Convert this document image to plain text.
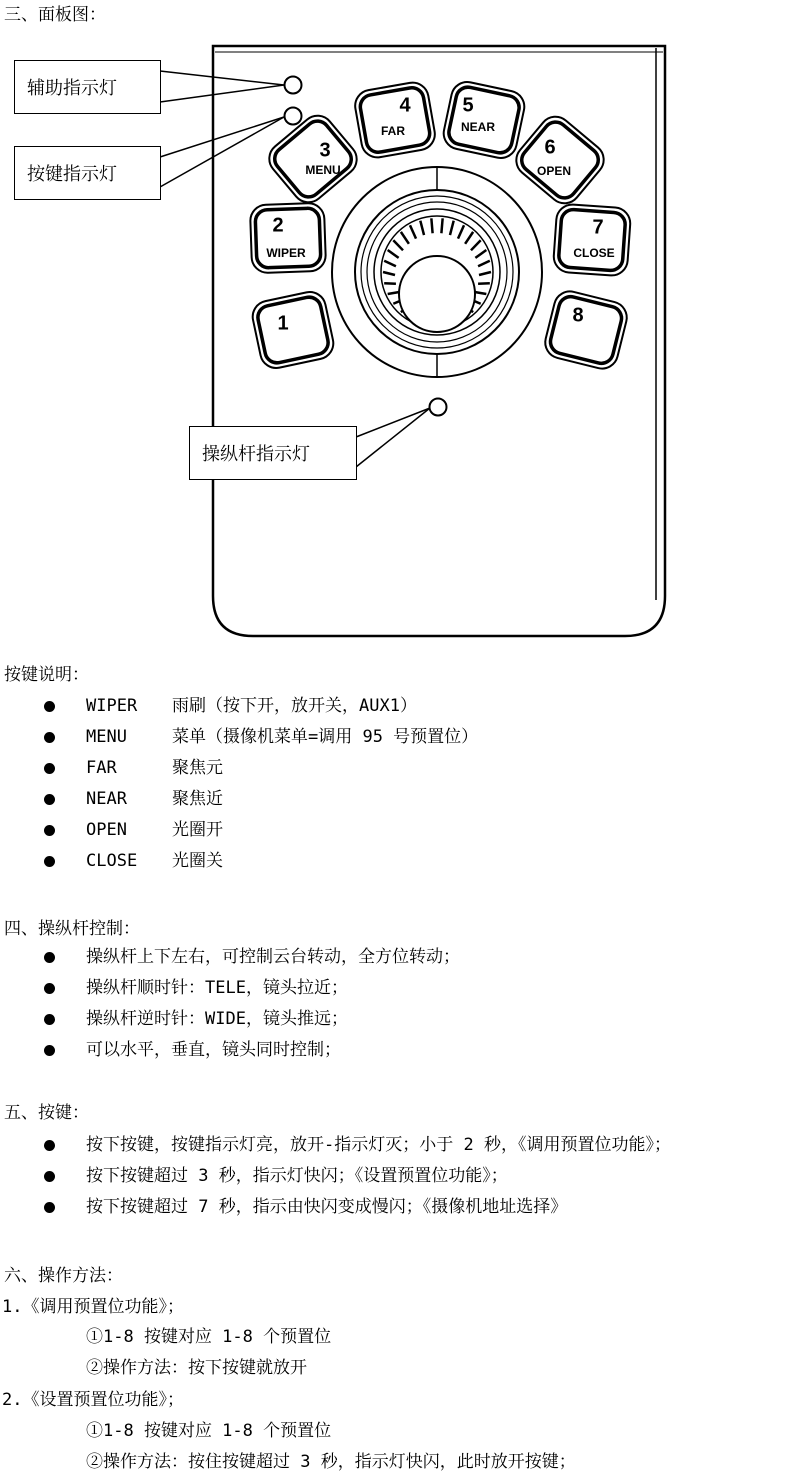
三、面板图：
1
2
WIPER
3
MENU
4
FAR
5
NEAR
6
OPEN
7
CLOSE
8
辅助指示灯
按键指示灯
操纵杆指示灯
按键说明：
WIPER 雨刷（按下开，放开关，AUX1）
MENU	菜单（摄像机菜单=调用 95 号预置位）
FAR	聚焦元
NEAR	聚焦近
OPEN	光圈开
CLOSE 光圈关
四、操纵杆控制：
操纵杆上下左右，可控制云台转动，全方位转动；
操纵杆顺时针：TELE，镜头拉近；
操纵杆逆时针：WIDE，镜头推远；
可以水平，垂直，镜头同时控制；
五、按键：
按下按键，按键指示灯亮，放开-指示灯灭；小于 2 秒，《调用预置位功能》；
按下按键超过 3 秒，指示灯快闪；《设置预置位功能》；
按下按键超过 7 秒，指示由快闪变成慢闪；《摄像机地址选择》
六、操作方法：
1.《调用预置位功能》；
①1-8 按键对应 1-8 个预置位
②操作方法：按下按键就放开
2.《设置预置位功能》；
①1-8 按键对应 1-8 个预置位
②操作方法：按住按键超过 3 秒，指示灯快闪，此时放开按键；
